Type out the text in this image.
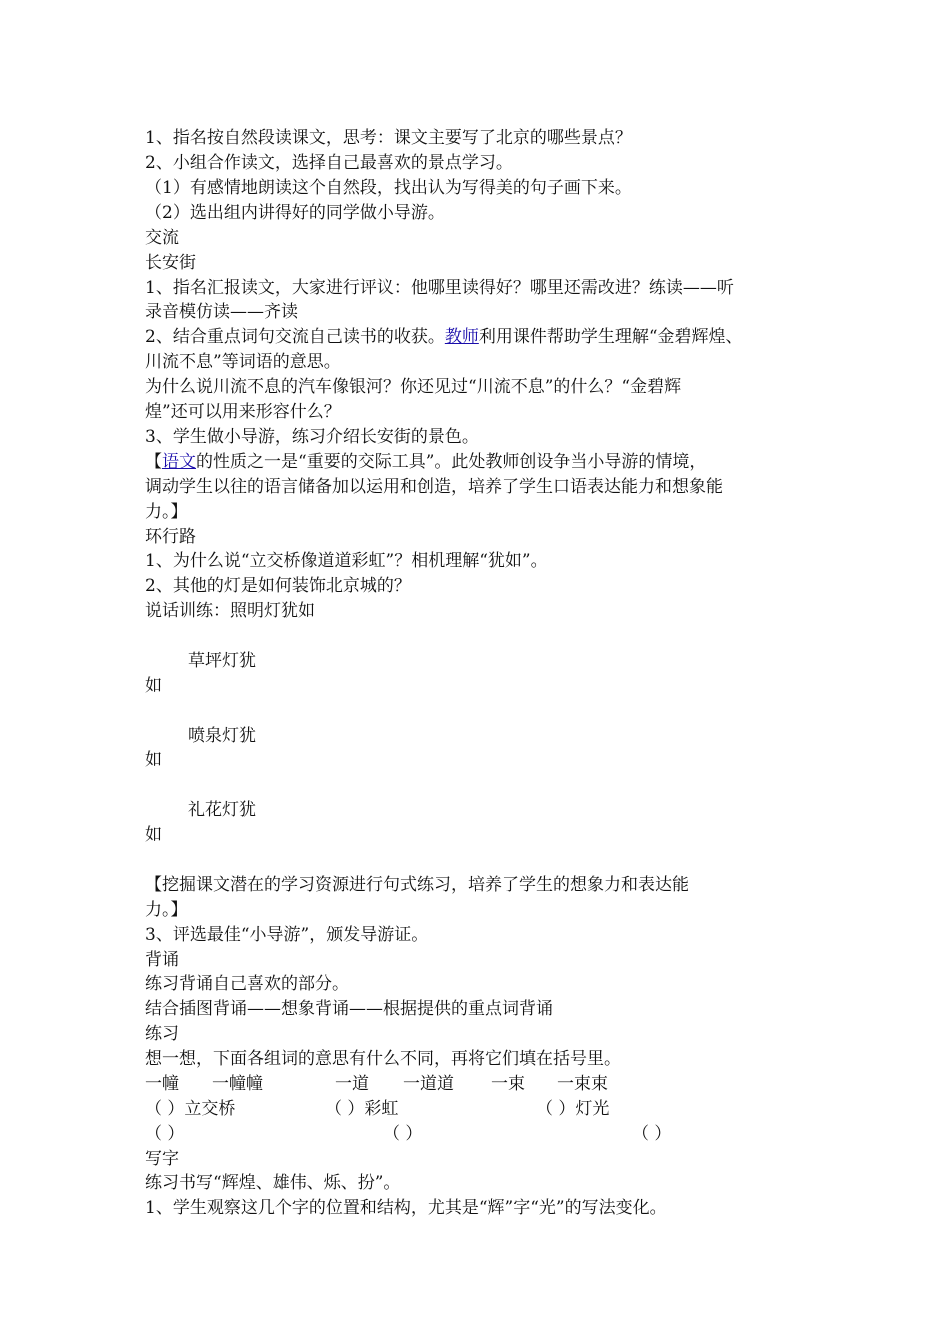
1、指名按自然段读课文，思考：课文主要写了北京的哪些景点？
2、小组合作读文，选择自己最喜欢的景点学习。
（1）有感情地朗读这个自然段，找出认为写得美的句子画下来。
（2）选出组内讲得好的同学做小导游。
交流
长安街
1、指名汇报读文，大家进行评议：他哪里读得好？哪里还需改进？练读——听
录音模仿读——齐读
2、结合重点词句交流自己读书的收获。教师利用课件帮助学生理解“金碧辉煌、
川流不息”等词语的意思。
为什么说川流不息的汽车像银河？你还见过“川流不息”的什么？“金碧辉
煌”还可以用来形容什么？
3、学生做小导游，练习介绍长安街的景色。
【语文的性质之一是“重要的交际工具”。此处教师创设争当小导游的情境，
调动学生以往的语言储备加以运用和创造，培养了学生口语表达能力和想象能
力。】
环行路
1、为什么说“立交桥像道道彩虹”？相机理解“犹如”。
2、其他的灯是如何装饰北京城的？
说话训练：照明灯犹如
草坪灯犹
如
喷泉灯犹
如
礼花灯犹
如
【挖掘课文潜在的学习资源进行句式练习，培养了学生的想象力和表达能
力。】
3、评选最佳“小导游”，颁发导游证。
背诵
练习背诵自己喜欢的部分。
结合插图背诵——想象背诵——根据提供的重点词背诵
练习
想一想，下面各组词的意思有什么不同，再将它们填在括号里。
一幢 一幢幢	一道 一道道 一束 一束束
（ ）立交桥	（ ）彩虹	（ ）灯光
（ ）	（ ）	（ ）
写字
练习书写“辉煌、雄伟、烁、扮”。
1、学生观察这几个字的位置和结构，尤其是“辉”字“光”的写法变化。
